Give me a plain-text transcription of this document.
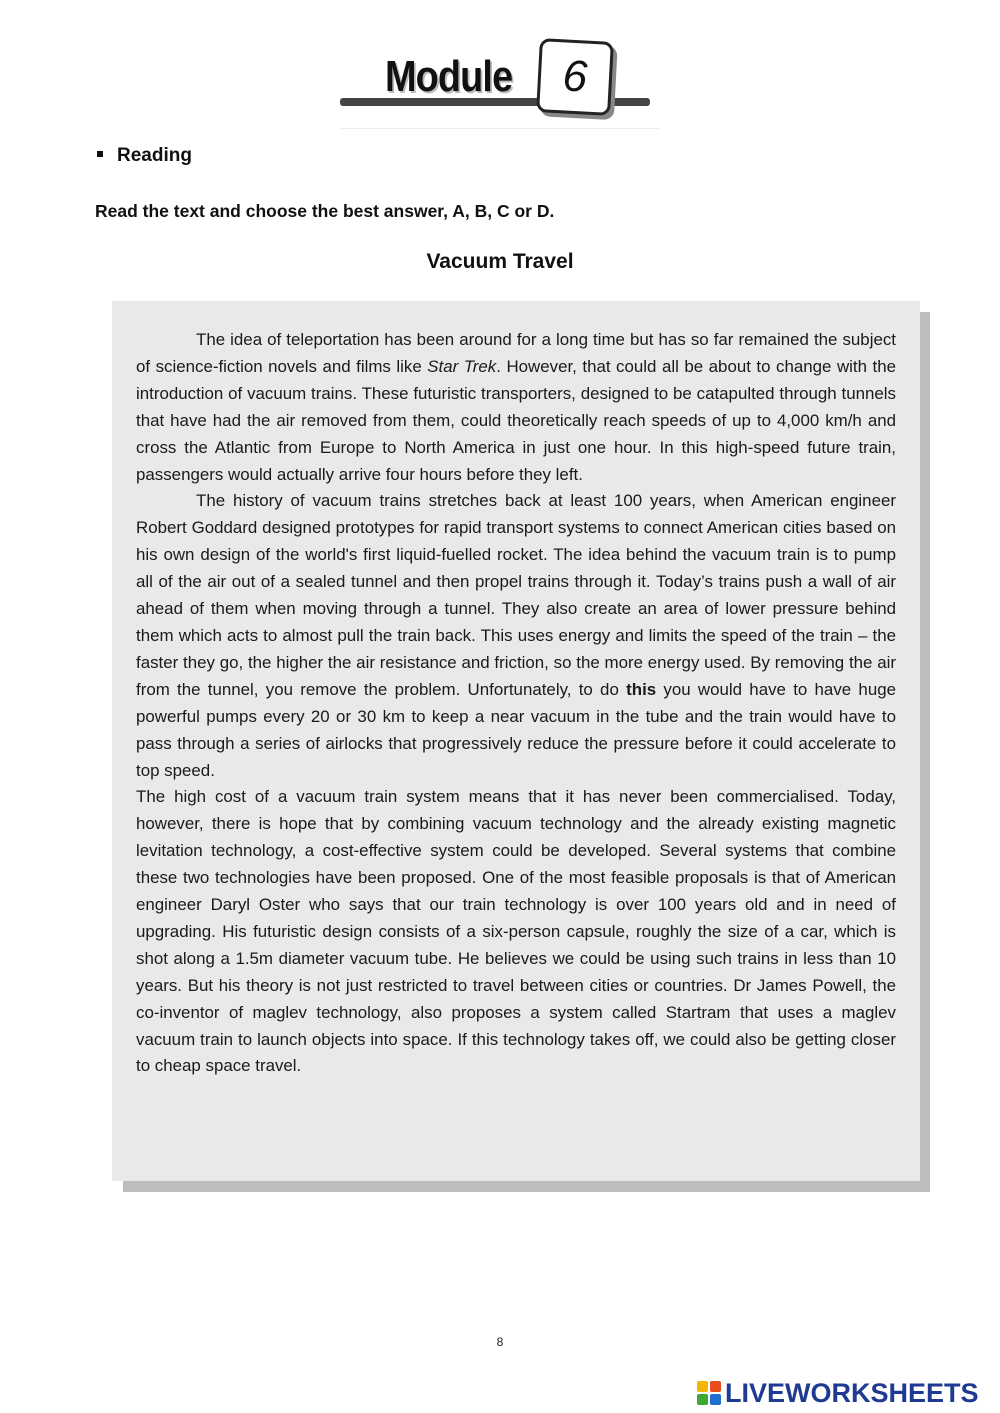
Module 6
Reading
Read the text and choose the best answer, A, B, C or D.
Vacuum Travel

The idea of teleportation has been around for a long time but has so far remained the subject of science-fiction novels and films like Star Trek. However, that could all be about to change with the introduction of vacuum trains. These futuristic transporters, designed to be catapulted through tunnels that have had the air removed from them, could theoretically reach speeds of up to 4,000 km/h and cross the Atlantic from Europe to North America in just one hour. In this high-speed future train, passengers would actually arrive four hours before they left.

The history of vacuum trains stretches back at least 100 years, when American engineer Robert Goddard designed prototypes for rapid transport systems to connect American cities based on his own design of the world's first liquid-fuelled rocket. The idea behind the vacuum train is to pump all of the air out of a sealed tunnel and then propel trains through it. Today’s trains push a wall of air ahead of them when moving through a tunnel. They also create an area of lower pressure behind them which acts to almost pull the train back. This uses energy and limits the speed of the train – the faster they go, the higher the air resistance and friction, so the more energy used. By removing the air from the tunnel, you remove the problem. Unfortunately, to do this you would have to have huge powerful pumps every 20 or 30 km to keep a near vacuum in the tube and the train would have to pass through a series of airlocks that progressively reduce the pressure before it could accelerate to top speed.

The high cost of a vacuum train system means that it has never been commercialised. Today, however, there is hope that by combining vacuum technology and the already existing magnetic levitation technology, a cost-effective system could be developed. Several systems that combine these two technologies have been proposed. One of the most feasible proposals is that of American engineer Daryl Oster who says that our train technology is over 100 years old and in need of upgrading. His futuristic design consists of a six-person capsule, roughly the size of a car, which is shot along a 1.5m diameter vacuum tube. He believes we could be using such trains in less than 10 years. But his theory is not just restricted to travel between cities or countries. Dr James Powell, the co-inventor of maglev technology, also proposes a system called Startram that uses a maglev vacuum train to launch objects into space. If this technology takes off, we could also be getting closer to cheap space travel.

8
LIVEWORKSHEETS
